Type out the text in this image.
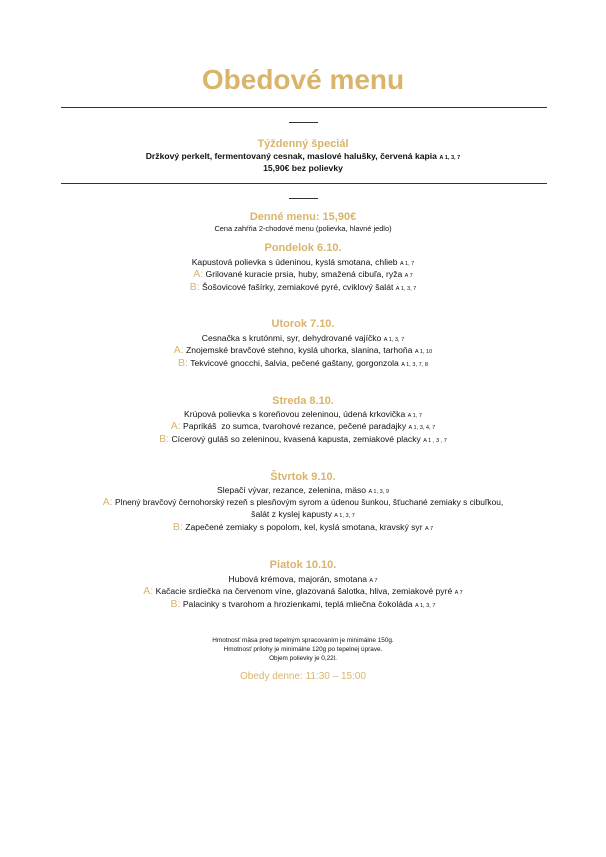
Obedové menu
Týždenný špeciál
Držkový perkelt, fermentovaný cesnak, maslové halušky, červená kapia A 1, 3, 7
15,90€ bez polievky
Denné menu: 15,90€
Cena zahŕňa 2-chodové menu (polievka, hlavné jedlo)
Pondelok 6.10.
Kapustová polievka s údeninou, kyslá smotana, chlieb A 1, 7
A: Grilované kuracie prsia, huby, smažená cibuľa, ryža A 7
B: Šošovicové fašírky, zemiakové pyré, cviklový šalát A 1, 3, 7
Utorok 7.10.
Cesnačka s krutónmi, syr, dehydrované vajíčko A 1, 3, 7
A: Znojemské bravčové stehno, kyslá uhorka, slanina, tarhoňa A 1, 10
B: Tekvicové gnocchi, šalvia, pečené gaštany, gorgonzola A 1, 3, 7, 8
Streda 8.10.
Krúpová polievka s koreňovou zeleninou, údená krkovička A 1, 7
A: Paprikáš  zo sumca, tvarohové rezance, pečené paradajky A 1, 3, 4, 7
B: Cícerový guláš so zeleninou, kvasená kapusta, zemiakové placky A 1 , 3 , 7
Štvrtok 9.10.
Slepačí vývar, rezance, zelenina, mäso A 1, 3, 9
A: Plnený bravčový černohorský rezeň s plesňovým syrom a údenou šunkou, šťuchané zemiaky s cibuľkou,
šalát z kyslej kapusty A 1, 3, 7
B: Zapečené zemiaky s popolom, kel, kyslá smotana, kravský syr A 7
Piatok 10.10.
Hubová krémova, majorán, smotana A 7
A: Kačacie srdiečka na červenom víne, glazovaná šalotka, hliva, zemiakové pyré A 7
B: Palacinky s tvarohom a hrozienkami, teplá mliečna čokoláda A 1, 3, 7
Hmotnosť mäsa pred tepelným spracovaním je minimálne 150g.
Hmotnosť prílohy je minimálne 120g po tepelnej úprave.
Objem polievky je 0,22l.
Obedy denne: 11:30 – 15:00
